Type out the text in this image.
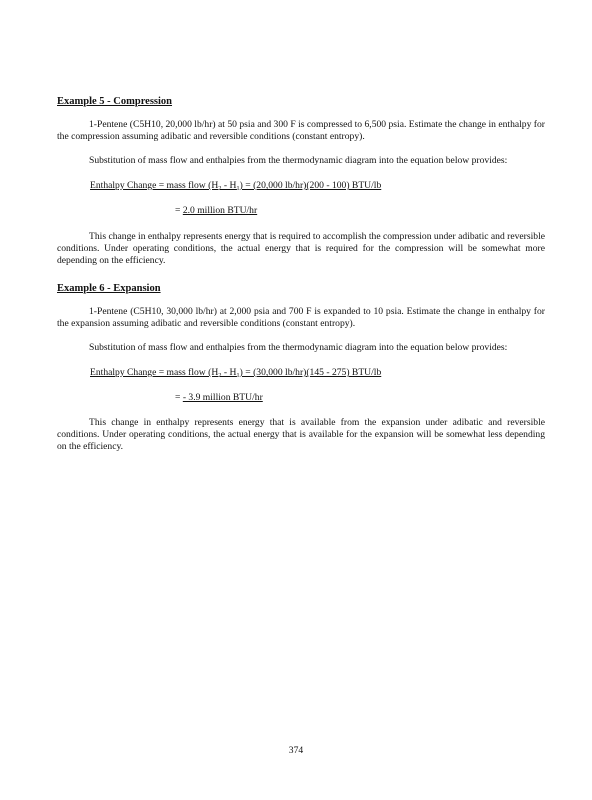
Example 5 - Compression
1-Pentene (C5H10, 20,000 lb/hr) at 50 psia and 300 F is compressed to 6,500 psia. Estimate the change in enthalpy for the compression assuming adibatic and reversible conditions (constant entropy).
Substitution of mass flow and enthalpies from the thermodynamic diagram into the equation below provides:
Enthalpy Change = mass flow $(H_2 - H_1) = (20,000$ lb/hr)(200 - 100) BTU/lb
= 2.0 million BTU/hr
This change in enthalpy represents energy that is required to accomplish the compression under adibatic and reversible conditions. Under operating conditions, the actual energy that is required for the compression will be somewhat more depending on the efficiency.
Example 6 - Expansion
1-Pentene (C5H10, 30,000 lb/hr) at 2,000 psia and 700 F is expanded to 10 psia. Estimate the change in enthalpy for the expansion assuming adibatic and reversible conditions (constant entropy).
Substitution of mass flow and enthalpies from the thermodynamic diagram into the equation below provides:
Enthalpy Change = mass flow $(H_2 - H_1) = (30,000$ lb/hr)(145 - 275) BTU/lb
= - 3.9 million BTU/hr
This change in enthalpy represents energy that is available from the expansion under adibatic and reversible conditions. Under operating conditions, the actual energy that is available for the expansion will be somewhat less depending on the efficiency.
374
